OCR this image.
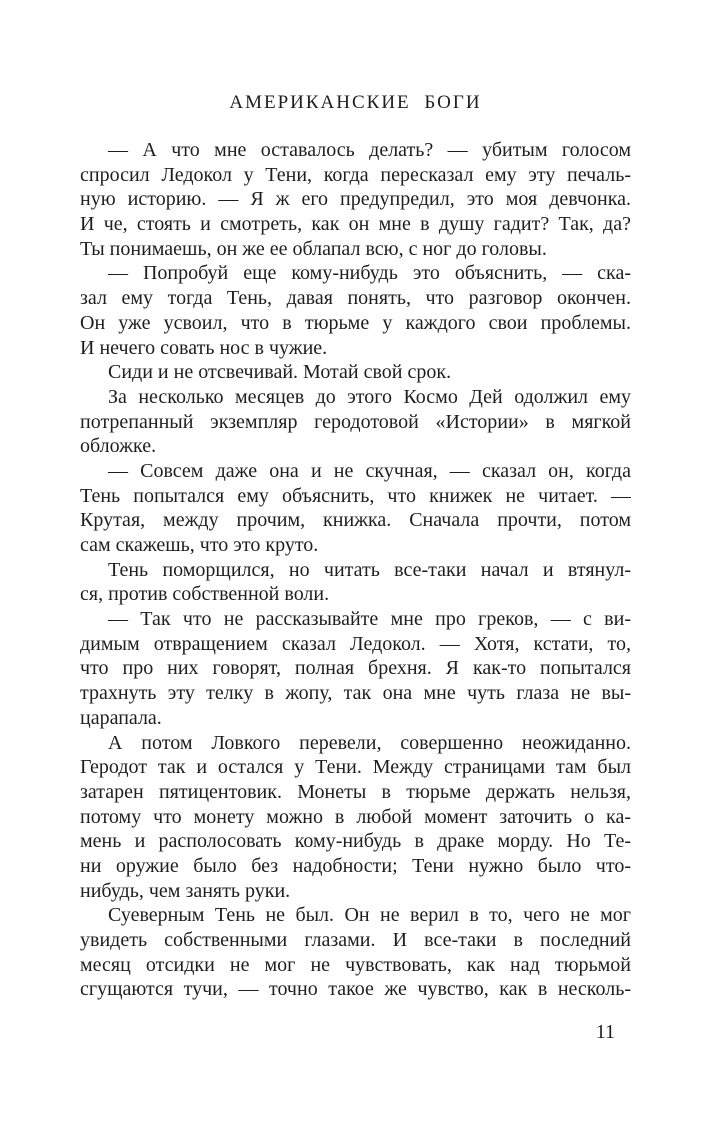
АМЕРИКАНСКИЕ БОГИ
— А что мне оставалось делать? — убитым голосом
спросил Ледокол у Тени, когда пересказал ему эту печаль-
ную историю. — Я ж его предупредил, это моя девчонка.
И че, стоять и смотреть, как он мне в душу гадит? Так, да?
Ты понимаешь, он же ее облапал всю, с ног до головы.
— Попробуй еще кому-нибудь это объяснить, — ска-
зал ему тогда Тень, давая понять, что разговор окончен.
Он уже усвоил, что в тюрьме у каждого свои проблемы.
И нечего совать нос в чужие.
Сиди и не отсвечивай. Мотай свой срок.
За несколько месяцев до этого Космо Дей одолжил ему
потрепанный экземпляр геродотовой «Истории» в мягкой
обложке.
— Совсем даже она и не скучная, — сказал он, когда
Тень попытался ему объяснить, что книжек не читает. —
Крутая, между прочим, книжка. Сначала прочти, потом
сам скажешь, что это круто.
Тень поморщился, но читать все-таки начал и втянул-
ся, против собственной воли.
— Так что не рассказывайте мне про греков, — с ви-
димым отвращением сказал Ледокол. — Хотя, кстати, то,
что про них говорят, полная брехня. Я как-то попытался
трахнуть эту телку в жопу, так она мне чуть глаза не вы-
царапала.
А потом Ловкого перевели, совершенно неожиданно.
Геродот так и остался у Тени. Между страницами там был
затарен пятицентовик. Монеты в тюрьме держать нельзя,
потому что монету можно в любой момент заточить о ка-
мень и располосовать кому-нибудь в драке морду. Но Те-
ни оружие было без надобности; Тени нужно было что-
нибудь, чем занять руки.
Суеверным Тень не был. Он не верил в то, чего не мог
увидеть собственными глазами. И все-таки в последний
месяц отсидки не мог не чувствовать, как над тюрьмой
сгущаются тучи, — точно такое же чувство, как в несколь-
11
